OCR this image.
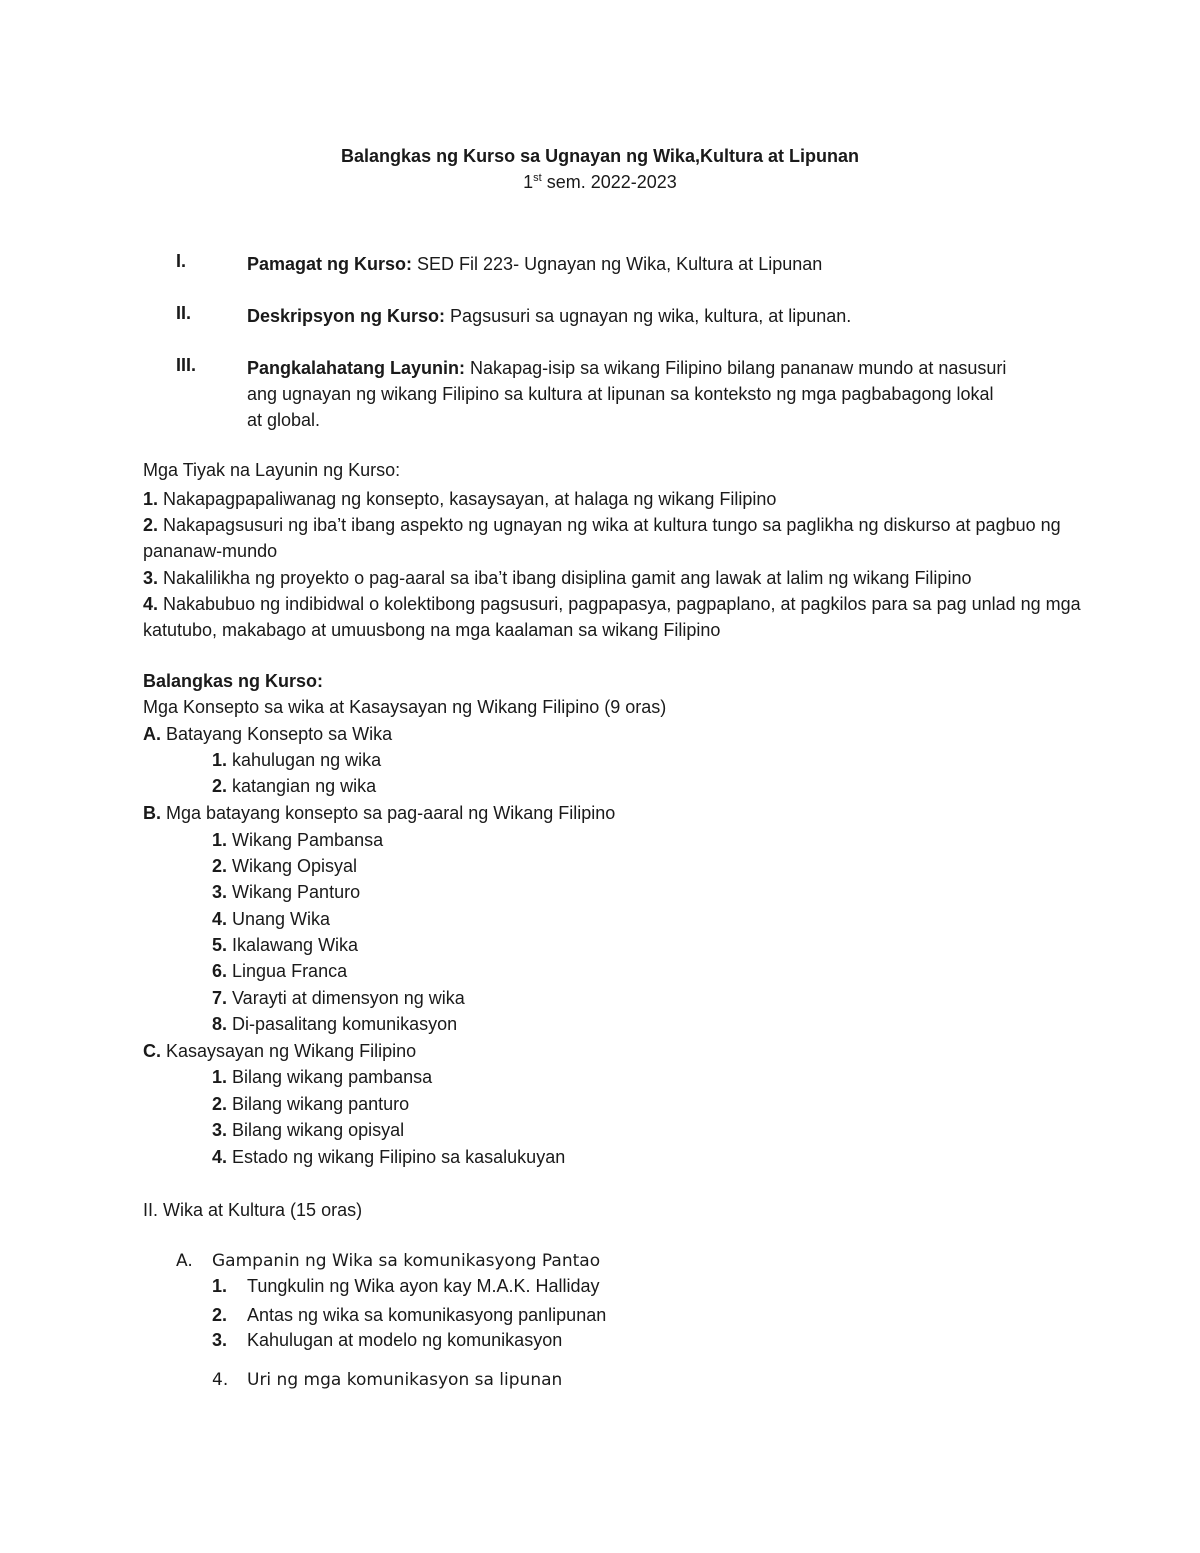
Balangkas ng Kurso sa Ugnayan ng Wika,Kultura at Lipunan
1st sem. 2022-2023
I.	Pamagat ng Kurso: SED Fil 223- Ugnayan ng Wika, Kultura at Lipunan
II.	Deskripsyon ng Kurso: Pagsusuri sa ugnayan ng wika, kultura, at lipunan.
III.	Pangkalahatang Layunin: Nakapag-isip sa wikang Filipino bilang pananaw mundo at nasusuri ang ugnayan ng wikang Filipino sa kultura at lipunan sa konteksto ng mga pagbabagong lokal at global.
Mga Tiyak na Layunin ng Kurso:
1. Nakapagpapaliwanag ng konsepto, kasaysayan, at halaga ng wikang Filipino
2. Nakapagsusuri ng iba’t ibang aspekto ng ugnayan ng wika at kultura tungo sa paglikha ng diskurso at pagbuo ng pananaw-mundo
3. Nakalilikha ng proyekto o pag-aaral sa iba’t ibang disiplina gamit ang lawak at lalim ng wikang Filipino
4. Nakabubuo ng indibidwal o kolektibong pagsusuri, pagpapasya, pagpaplano, at pagkilos para sa pag unlad ng mga katutubo, makabago at umuusbong na mga kaalaman sa wikang Filipino
Balangkas ng Kurso:
Mga Konsepto sa wika at Kasaysayan ng Wikang Filipino (9 oras)
A. Batayang Konsepto sa Wika
1. kahulugan ng wika
2. katangian ng wika
B. Mga batayang konsepto sa pag-aaral ng Wikang Filipino
1. Wikang Pambansa
2. Wikang Opisyal
3. Wikang Panturo
4. Unang Wika
5. Ikalawang Wika
6. Lingua Franca
7. Varayti at dimensyon ng wika
8. Di-pasalitang komunikasyon
C. Kasaysayan ng Wikang Filipino
1. Bilang wikang pambansa
2. Bilang wikang panturo
3. Bilang wikang opisyal
4. Estado ng wikang Filipino sa kasalukuyan
II. Wika at Kultura (15 oras)
A. Gampanin ng Wika sa komunikasyong Pantao
1. Tungkulin ng Wika ayon kay M.A.K. Halliday
2. Antas ng wika sa komunikasyong panlipunan
3. Kahulugan at modelo ng komunikasyon
4. Uri ng mga komunikasyon sa lipunan
